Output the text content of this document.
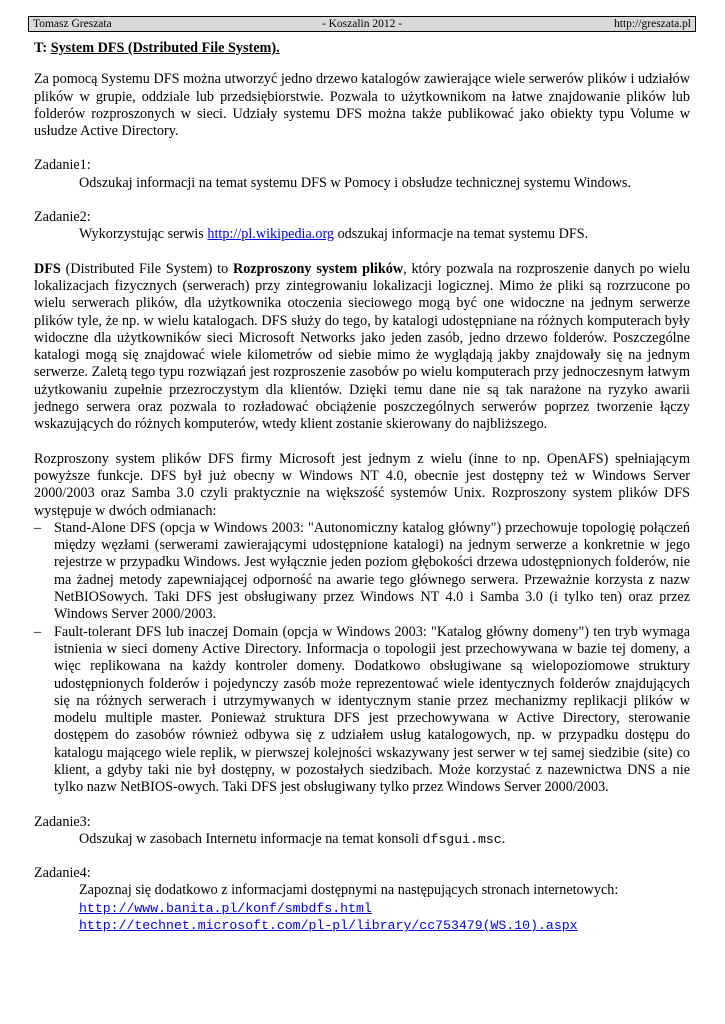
- Koszalin 2012 -
Tomasz Greszata	http://greszata.pl

T: System DFS (Dstributed File System).

Za pomocą Systemu DFS można utworzyć jedno drzewo katalogów zawierające wiele serwerów plików i udziałów plików w grupie, oddziale lub przedsiębiorstwie. Pozwala to użytkownikom na łatwe znajdowanie plików lub folderów rozproszonych w sieci. Udziały systemu DFS można także publikować jako obiekty typu Volume w usłudze Active Directory.

Zadanie1:

Odszukaj informacji na temat systemu DFS w Pomocy i obsłudze technicznej systemu Windows.

Zadanie2:

Wykorzystując serwis http://pl.wikipedia.org odszukaj informacje na temat systemu DFS.

DFS (Distributed File System) to Rozproszony system plików, który pozwala na rozproszenie danych po wielu lokalizacjach fizycznych (serwerach) przy zintegrowaniu lokalizacji logicznej. Mimo że pliki są rozrzucone po wielu serwerach plików, dla użytkownika otoczenia sieciowego mogą być one widoczne na jednym serwerze plików tyle, że np. w wielu katalogach. DFS służy do tego, by katalogi udostępniane na różnych komputerach były widoczne dla użytkowników sieci Microsoft Networks jako jeden zasób, jedno drzewo folderów. Poszczególne katalogi mogą się znajdować wiele kilometrów od siebie mimo że wyglądają jakby znajdowały się na jednym serwerze. Zaletą tego typu rozwiązań jest rozproszenie zasobów po wielu komputerach przy jednoczesnym łatwym użytkowaniu zupełnie przezroczystym dla klientów. Dzięki temu dane nie są tak narażone na ryzyko awarii jednego serwera oraz pozwala to rozładować obciążenie poszczególnych serwerów poprzez tworzenie łączy wskazujących do różnych komputerów, wtedy klient zostanie skierowany do najbliższego.

Rozproszony system plików DFS firmy Microsoft jest jednym z wielu (inne to np. OpenAFS) spełniającym powyższe funkcje. DFS był już obecny w Windows NT 4.0, obecnie jest dostępny też w Windows Server 2000/2003 oraz Samba 3.0 czyli praktycznie na większość systemów Unix. Rozproszony system plików DFS występuje w dwóch odmianach:

– Stand-Alone DFS (opcja w Windows 2003: "Autonomiczny katalog główny") przechowuje topologię połączeń między węzłami (serwerami zawierającymi udostępnione katalogi) na jednym serwerze a konkretnie w jego rejestrze w przypadku Windows. Jest wyłącznie jeden poziom głębokości drzewa udostępnionych folderów, nie ma żadnej metody zapewniającej odporność na awarie tego głównego serwera. Przeważnie korzysta z nazw NetBIOSowych. Taki DFS jest obsługiwany przez Windows NT 4.0 i Samba 3.0 (i tylko ten) oraz przez Windows Server 2000/2003.
– Fault-tolerant DFS lub inaczej Domain (opcja w Windows 2003: "Katalog główny domeny") ten tryb wymaga istnienia w sieci domeny Active Directory. Informacja o topologii jest przechowywana w bazie tej domeny, a więc replikowana na każdy kontroler domeny. Dodatkowo obsługiwane są wielopoziomowe struktury udostępnionych folderów i pojedynczy zasób może reprezentować wiele identycznych folderów znajdujących się na różnych serwerach i utrzymywanych w identycznym stanie przez mechanizmy replikacji plików w modelu multiple master. Ponieważ struktura DFS jest przechowywana w Active Directory, sterowanie dostępem do zasobów również odbywa się z udziałem usług katalogowych, np. w przypadku dostępu do katalogu mającego wiele replik, w pierwszej kolejności wskazywany jest serwer w tej samej siedzibie (site) co klient, a gdyby taki nie był dostępny, w pozostałych siedzibach. Może korzystać z nazewnictwa DNS a nie tylko nazw NetBIOS-owych. Taki DFS jest obsługiwany tylko przez Windows Server 2000/2003.

Zadanie3:

Odszukaj w zasobach Internetu informacje na temat konsoli dfsgui.msc.

Zadanie4:

Zapoznaj się dodatkowo z informacjami dostępnymi na następujących stronach internetowych:

http://www.banita.pl/konf/smbdfs.html

http://technet.microsoft.com/pl-pl/library/cc753479(WS.10).aspx
